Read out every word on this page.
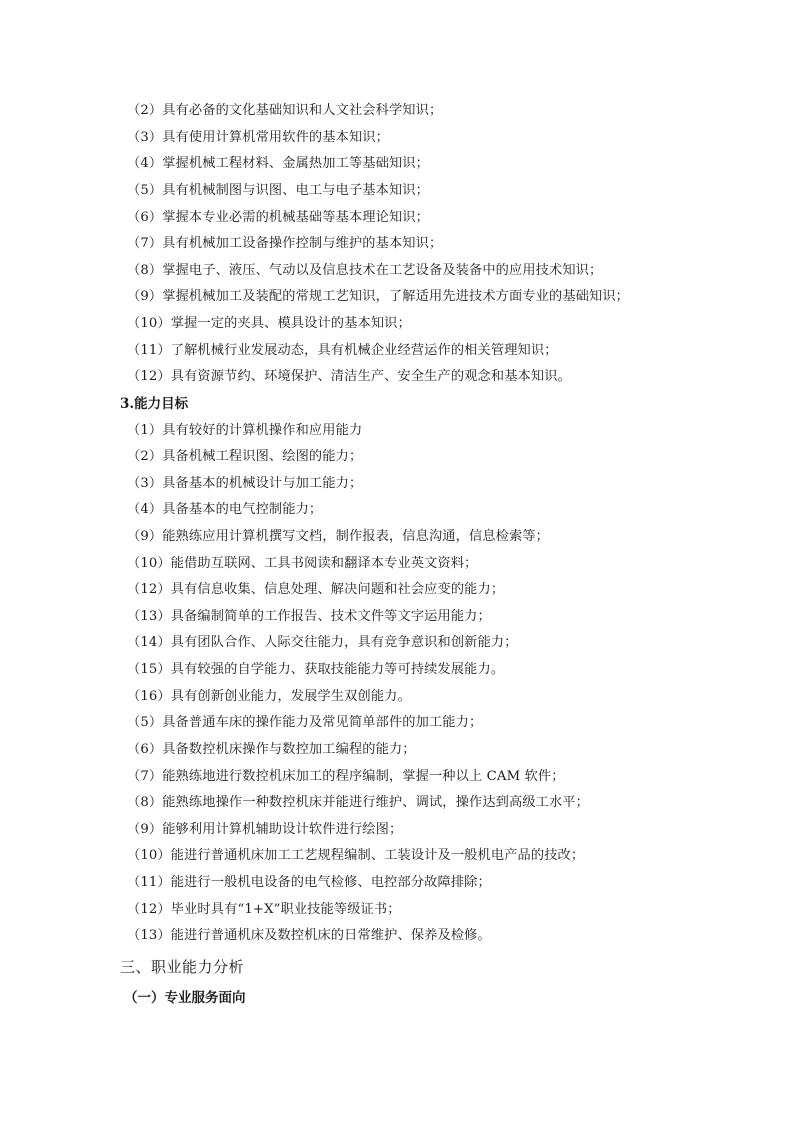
（2）具有必备的文化基础知识和人文社会科学知识；
（3）具有使用计算机常用软件的基本知识；
（4）掌握机械工程材料、金属热加工等基础知识；
（5）具有机械制图与识图、电工与电子基本知识；
（6）掌握本专业必需的机械基础等基本理论知识；
（7）具有机械加工设备操作控制与维护的基本知识；
（8）掌握电子、液压、气动以及信息技术在工艺设备及装备中的应用技术知识；
（9）掌握机械加工及装配的常规工艺知识，了解适用先进技术方面专业的基础知识；
（10）掌握一定的夹具、模具设计的基本知识；
（11）了解机械行业发展动态，具有机械企业经营运作的相关管理知识；
（12）具有资源节约、环境保护、清洁生产、安全生产的观念和基本知识。
3.能力目标
（1）具有较好的计算机操作和应用能力
（2）具备机械工程识图、绘图的能力；
（3）具备基本的机械设计与加工能力；
（4）具备基本的电气控制能力；
（9）能熟练应用计算机撰写文档，制作报表，信息沟通，信息检索等；
（10）能借助互联网、工具书阅读和翻译本专业英文资料；
（12）具有信息收集、信息处理、解决问题和社会应变的能力；
（13）具备编制简单的工作报告、技术文件等文字运用能力；
（14）具有团队合作、人际交往能力，具有竞争意识和创新能力；
（15）具有较强的自学能力、获取技能能力等可持续发展能力。
（16）具有创新创业能力，发展学生双创能力。
（5）具备普通车床的操作能力及常见简单部件的加工能力；
（6）具备数控机床操作与数控加工编程的能力；
（7）能熟练地进行数控机床加工的程序编制，掌握一种以上 CAM 软件；
（8）能熟练地操作一种数控机床并能进行维护、调试，操作达到高级工水平；
（9）能够利用计算机辅助设计软件进行绘图；
（10）能进行普通机床加工工艺规程编制、工装设计及一般机电产品的技改；
（11）能进行一般机电设备的电气检修、电控部分故障排除；
（12）毕业时具有“1+X”职业技能等级证书；
（13）能进行普通机床及数控机床的日常维护、保养及检修。
三、职业能力分析
（一）专业服务面向
